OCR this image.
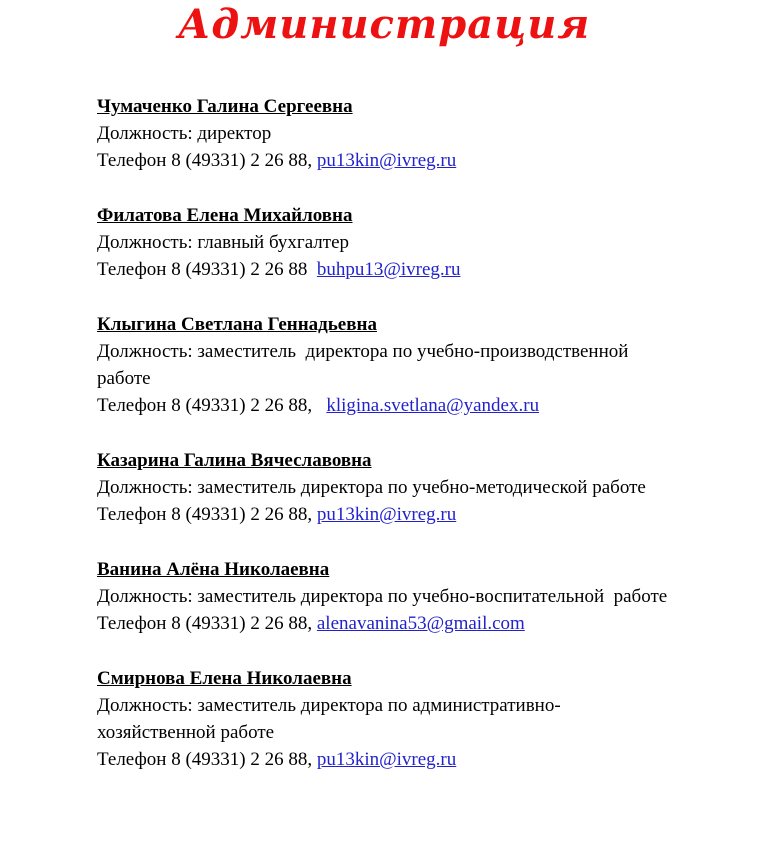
Администрация
Чумаченко Галина Сергеевна

Должность: директор

Телефон 8 (49331) 2 26 88, pu13kin@ivreg.ru

Филатова Елена Михайловна

Должность: главный бухгалтер

Телефон 8 (49331) 2 26 88  buhpu13@ivreg.ru

Клыгина Светлана Геннадьевна

Должность: заместитель  директора по учебно-производственной работе

Телефон 8 (49331) 2 26 88,   kligina.svetlana@yandex.ru

Казарина Галина Вячеславовна

Должность: заместитель директора по учебно-методической работе

Телефон 8 (49331) 2 26 88, pu13kin@ivreg.ru

Ванина Алёна Николаевна

Должность: заместитель директора по учебно-воспитательной  работе

Телефон 8 (49331) 2 26 88, alenavanina53@gmail.com

Смирнова Елена Николаевна

Должность: заместитель директора по административно-хозяйственной работе

Телефон 8 (49331) 2 26 88, pu13kin@ivreg.ru
